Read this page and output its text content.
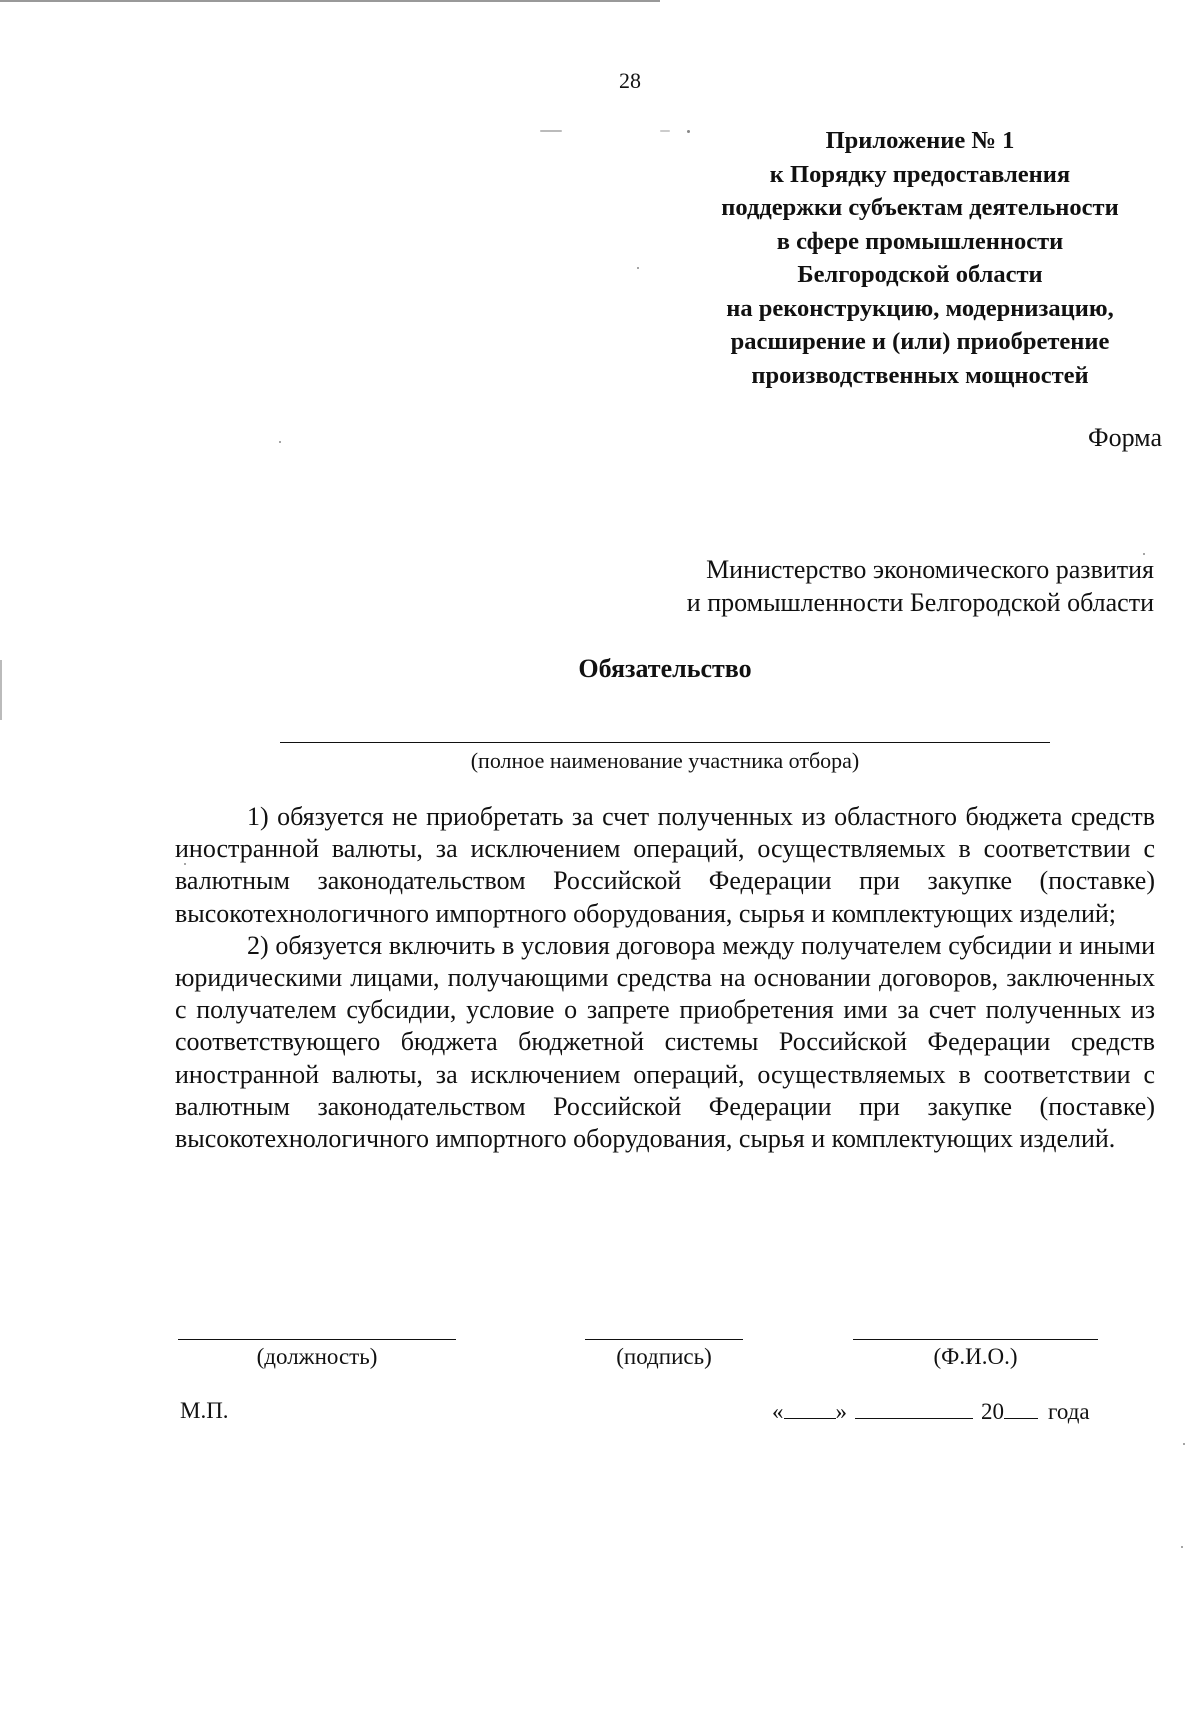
28
Приложение № 1
к Порядку предоставления
поддержки субъектам деятельности
в сфере промышленности
Белгородской области
на реконструкцию, модернизацию,
расширение и (или) приобретение
производственных мощностей
Форма
Министерство экономического развития
и промышленности Белгородской области
Обязательство
(полное наименование участника отбора)

1) обязуется не приобретать за счет полученных из областного бюджета средств иностранной валюты, за исключением операций, осуществляемых в соответствии с валютным законодательством Российской Федерации при закупке (поставке) высокотехнологичного импортного оборудования, сырья и комплектующих изделий;

2) обязуется включить в условия договора между получателем субсидии и иными юридическими лицами, получающими средства на основании договоров, заключенных с получателем субсидии, условие о запрете приобретения ими за счет полученных из соответствующего бюджета бюджетной системы Российской Федерации средств иностранной валюты, за исключением операций, осуществляемых в соответствии с валютным законодательством Российской Федерации при закупке (поставке) высокотехнологичного импортного оборудования, сырья и комплектующих изделий.

(должность)	(подпись)	(Ф.И.О.)
М.П.	« »	20 года
